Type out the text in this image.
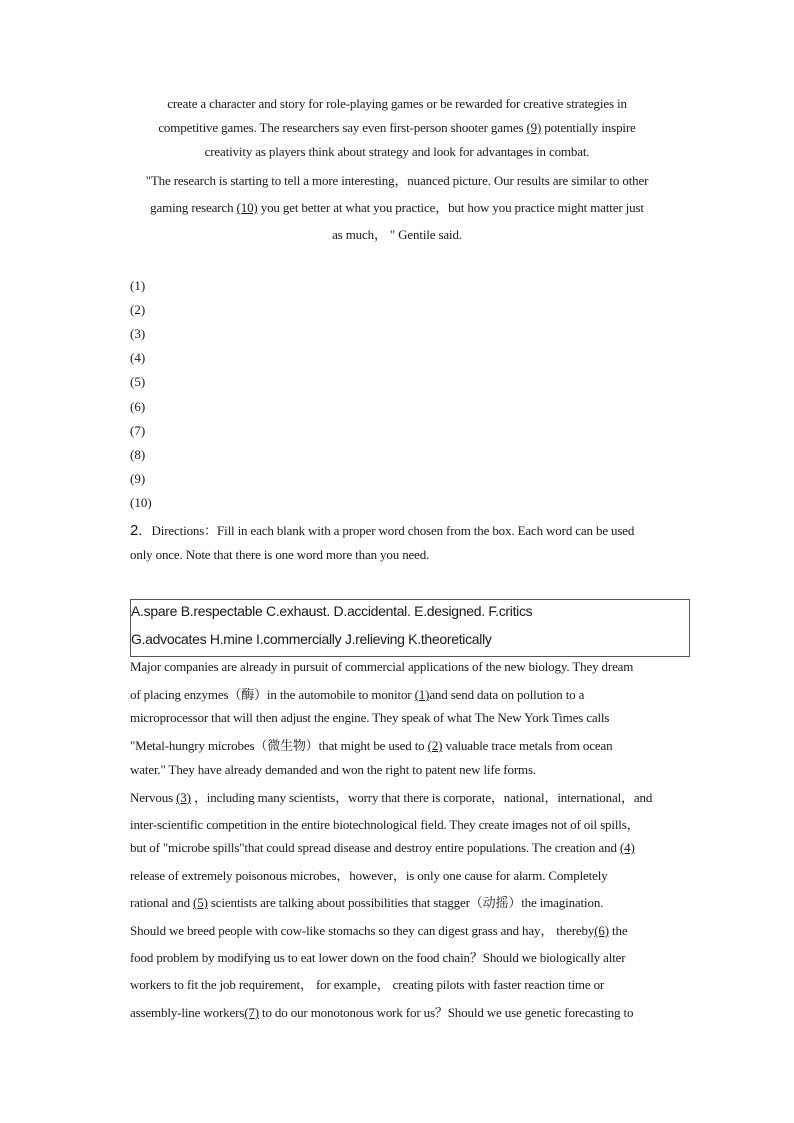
create a character and story for role-playing games or be rewarded for creative strategies in
competitive games. The researchers say even first-person shooter games (9) potentially inspire
creativity as players think about strategy and look for advantages in combat.
"The research is starting to tell a more interesting，nuanced picture. Our results are similar to other
gaming research (10) you get better at what you practice，but how you practice might matter just
as much， " Gentile said.
(1)
(2)
(3)
(4)
(5)
(6)
(7)
(8)
(9)
(10)
2. Directions：Fill in each blank with a proper word chosen from the box. Each word can be used
only once. Note that there is one word more than you need.
A.spare B.respectable C.exhaust. D.accidental. E.designed. F.critics
G.advocates H.mine I.commercially J.relieving K.theoretically
Major companies are already in pursuit of commercial applications of the new biology. They dream
of placing enzymes（酶）in the automobile to monitor (1)and send data on pollution to a
microprocessor that will then adjust the engine. They speak of what The New York Times calls
"Metal-hungry microbes（微生物）that might be used to (2) valuable trace metals from ocean
water." They have already demanded and won the right to patent new life forms.
Nervous (3) ，including many scientists，worry that there is corporate，national，international，and
inter-scientific competition in the entire biotechnological field. They create images not of oil spills，
but of "microbe spills"that could spread disease and destroy entire populations. The creation and (4)
release of extremely poisonous microbes，however，is only one cause for alarm. Completely
rational and (5) scientists are talking about possibilities that stagger（动摇）the imagination.
Should we breed people with cow-like stomachs so they can digest grass and hay， thereby(6) the
food problem by modifying us to eat lower down on the food chain？Should we biologically alter
workers to fit the job requirement， for example， creating pilots with faster reaction time or
assembly-line workers(7) to do our monotonous work for us？Should we use genetic forecasting to
